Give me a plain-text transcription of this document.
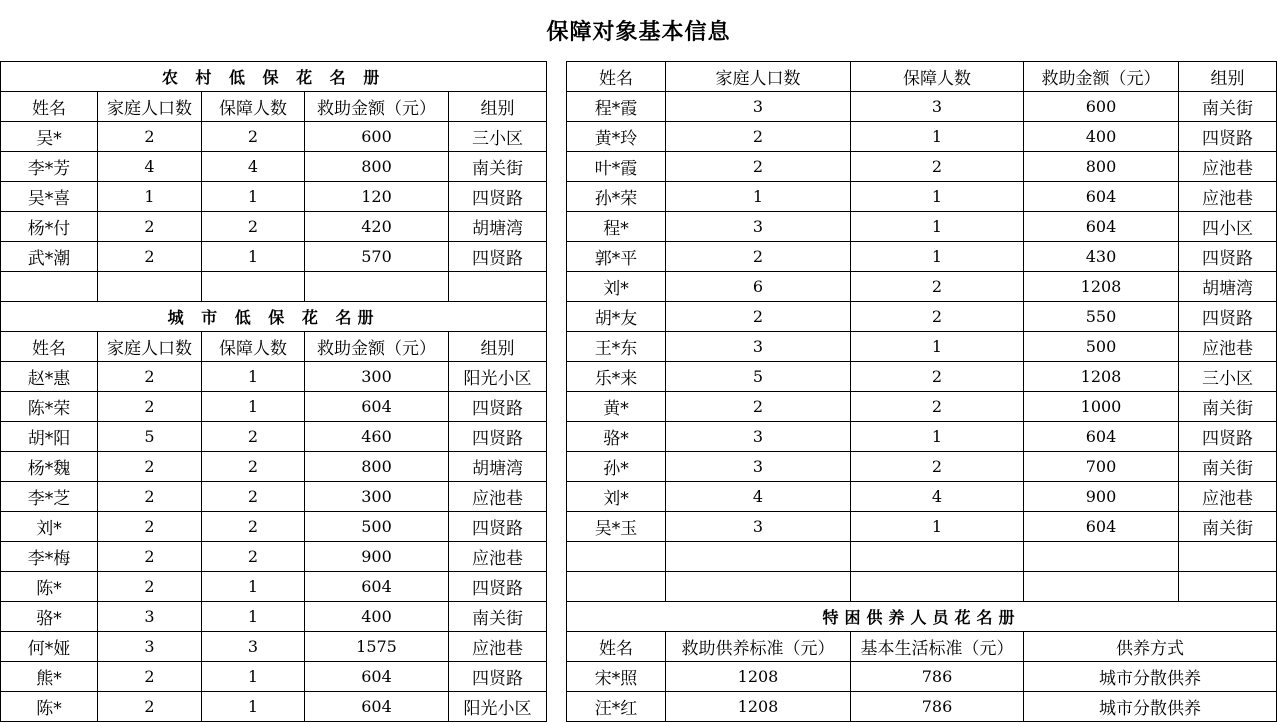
保障对象基本信息
农 村 低 保 花 名 册				
姓名	家庭人口数	保障人数	救助金额（元）	组别
吴*	2	2	600	三小区
李*芳	4	4	800	南关街
吴*喜	1	1	120	四贤路
杨*付	2	2	420	胡塘湾
武*潮	2	1	570	四贤路

城 市 低 保 花 名册				
姓名	家庭人口数	保障人数	救助金额（元）	组别
赵*惠	2	1	300	阳光小区
陈*荣	2	1	604	四贤路
胡*阳	5	2	460	四贤路
杨*魏	2	2	800	胡塘湾
李*芝	2	2	300	应池巷
刘*	2	2	500	四贤路
李*梅	2	2	900	应池巷
陈*	2	1	604	四贤路
骆*	3	1	400	南关街
何*娅	3	3	1575	应池巷
熊*	2	1	604	四贤路
陈*	2	1	604	阳光小区
姓名	家庭人口数	保障人数	救助金额（元）	组别
程*霞	3	3	600	南关街
黄*玲	2	1	400	四贤路
叶*霞	2	2	800	应池巷
孙*荣	1	1	604	应池巷
程*	3	1	604	四小区
郭*平	2	1	430	四贤路
刘*	6	2	1208	胡塘湾
胡*友	2	2	550	四贤路
王*东	3	1	500	应池巷
乐*来	5	2	1208	三小区
黄*	2	2	1000	南关街
骆*	3	1	604	四贤路
孙*	3	2	700	南关街
刘*	4	4	900	应池巷
吴*玉	3	1	604	南关街

特困供养人员花名册				
姓名	救助供养标准（元）	基本生活标准（元）	供养方式	
宋*照	1208	786	城市分散供养	
汪*红	1208	786	城市分散供养	
